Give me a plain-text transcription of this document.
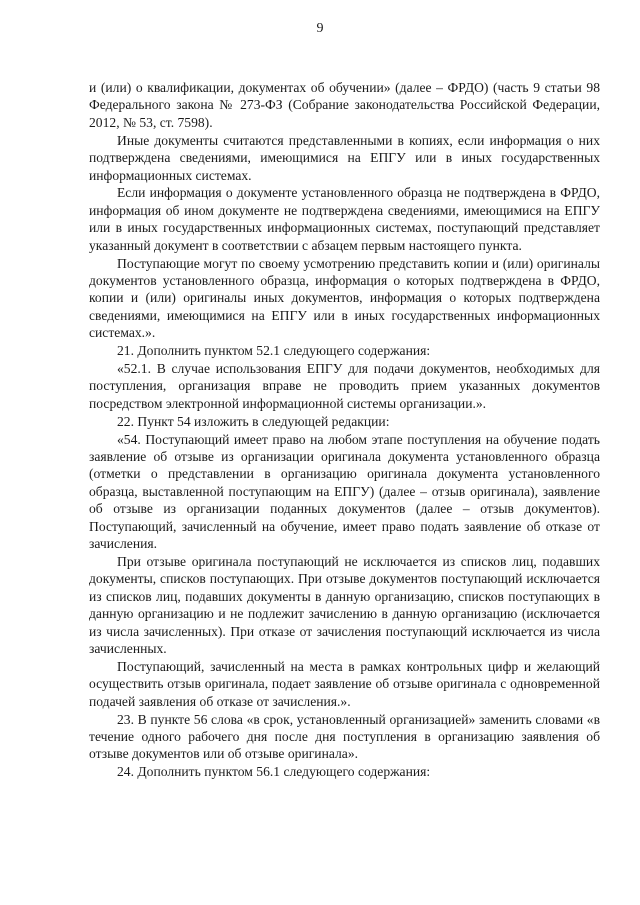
9

и (или) о квалификации, документах об обучении» (далее – ФРДО) (часть 9 статьи 98 Федерального закона № 273-ФЗ (Собрание законодательства Российской Федерации, 2012, № 53, ст. 7598).

Иные документы считаются представленными в копиях, если информация о них подтверждена сведениями, имеющимися на ЕПГУ или в иных государственных информационных системах.

Если информация о документе установленного образца не подтверждена в ФРДО, информация об ином документе не подтверждена сведениями, имеющимися на ЕПГУ или в иных государственных информационных системах, поступающий представляет указанный документ в соответствии с абзацем первым настоящего пункта.

Поступающие могут по своему усмотрению представить копии и (или) оригиналы документов установленного образца, информация о которых подтверждена в ФРДО, копии и (или) оригиналы иных документов, информация о которых подтверждена сведениями, имеющимися на ЕПГУ или в иных государственных информационных системах.».

21. Дополнить пунктом 52.1 следующего содержания:

«52.1. В случае использования ЕПГУ для подачи документов, необходимых для поступления, организация вправе не проводить прием указанных документов посредством электронной информационной системы организации.».

22. Пункт 54 изложить в следующей редакции:

«54. Поступающий имеет право на любом этапе поступления на обучение подать заявление об отзыве из организации оригинала документа установленного образца (отметки о представлении в организацию оригинала документа установленного образца, выставленной поступающим на ЕПГУ) (далее – отзыв оригинала), заявление об отзыве из организации поданных документов (далее – отзыв документов). Поступающий, зачисленный на обучение, имеет право подать заявление об отказе от зачисления.

При отзыве оригинала поступающий не исключается из списков лиц, подавших документы, списков поступающих. При отзыве документов поступающий исключается из списков лиц, подавших документы в данную организацию, списков поступающих в данную организацию и не подлежит зачислению в данную организацию (исключается из числа зачисленных). При отказе от зачисления поступающий исключается из числа зачисленных.

Поступающий, зачисленный на места в рамках контрольных цифр и желающий осуществить отзыв оригинала, подает заявление об отзыве оригинала с одновременной подачей заявления об отказе от зачисления.».

23. В пункте 56 слова «в срок, установленный организацией» заменить словами «в течение одного рабочего дня после дня поступления в организацию заявления об отзыве документов или об отзыве оригинала».

24. Дополнить пунктом 56.1 следующего содержания:
